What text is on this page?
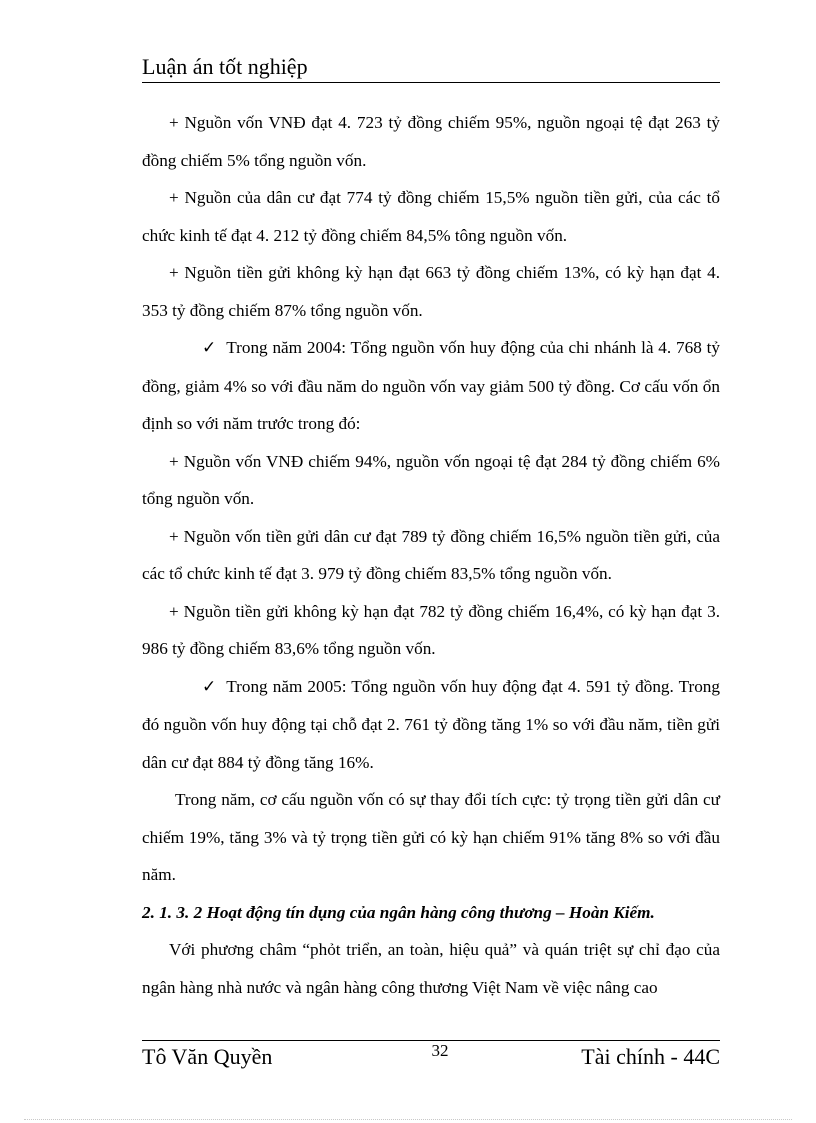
Luận án tốt nghiệp

+ Nguồn vốn VNĐ đạt 4. 723 tỷ đồng chiếm 95%, nguồn ngoại tệ đạt 263 tỷ đồng chiếm 5% tổng nguồn vốn.

+ Nguồn của dân cư đạt 774 tỷ đồng chiếm 15,5% nguồn tiền gửi, của các tổ chức kinh tế đạt 4. 212 tỷ đồng chiếm 84,5% tông nguồn vốn.

+ Nguồn tiền gửi không kỳ hạn đạt 663 tỷ đồng chiếm 13%, có kỳ hạn đạt 4. 353 tỷ đồng chiếm 87% tổng nguồn vốn.

✓ Trong năm 2004: Tổng nguồn vốn huy động của chi nhánh là 4. 768 tỷ đồng, giảm 4% so với đầu năm do nguồn vốn vay giảm 500 tỷ đồng. Cơ cấu vốn ổn định so với năm trước trong đó:

+ Nguồn vốn VNĐ chiếm 94%, nguồn vốn ngoại tệ đạt 284 tỷ đồng chiếm 6% tổng nguồn vốn.

+ Nguồn vốn tiền gửi dân cư đạt 789 tỷ đồng chiếm 16,5% nguồn tiền gửi, của các tổ chức kinh tế đạt 3. 979 tỷ đồng chiếm 83,5% tổng nguồn vốn.

+ Nguồn tiền gửi không kỳ hạn đạt 782 tỷ đồng chiếm 16,4%, có kỳ hạn đạt 3. 986 tỷ đồng chiếm 83,6% tổng nguồn vốn.

✓ Trong năm 2005: Tổng nguồn vốn huy động đạt 4. 591 tỷ đồng. Trong đó nguồn vốn huy động tại chỗ đạt 2. 761 tỷ đồng tăng 1% so với đầu năm, tiền gửi dân cư đạt 884 tỷ đồng tăng 16%.

Trong năm, cơ cấu nguồn vốn có sự thay đổi tích cực: tỷ trọng tiền gửi dân cư chiếm 19%, tăng 3% và tỷ trọng tiền gửi có kỳ hạn chiếm 91% tăng 8% so với đầu năm.

2. 1. 3. 2 Hoạt động tín dụng của ngân hàng công thương – Hoàn Kiếm.

Với phương châm “phỏt triển, an toàn, hiệu quả” và quán triệt sự chỉ đạo của ngân hàng nhà nước và ngân hàng công thương Việt Nam về việc nâng cao

Tô Văn Quyền	32	Tài chính - 44C
